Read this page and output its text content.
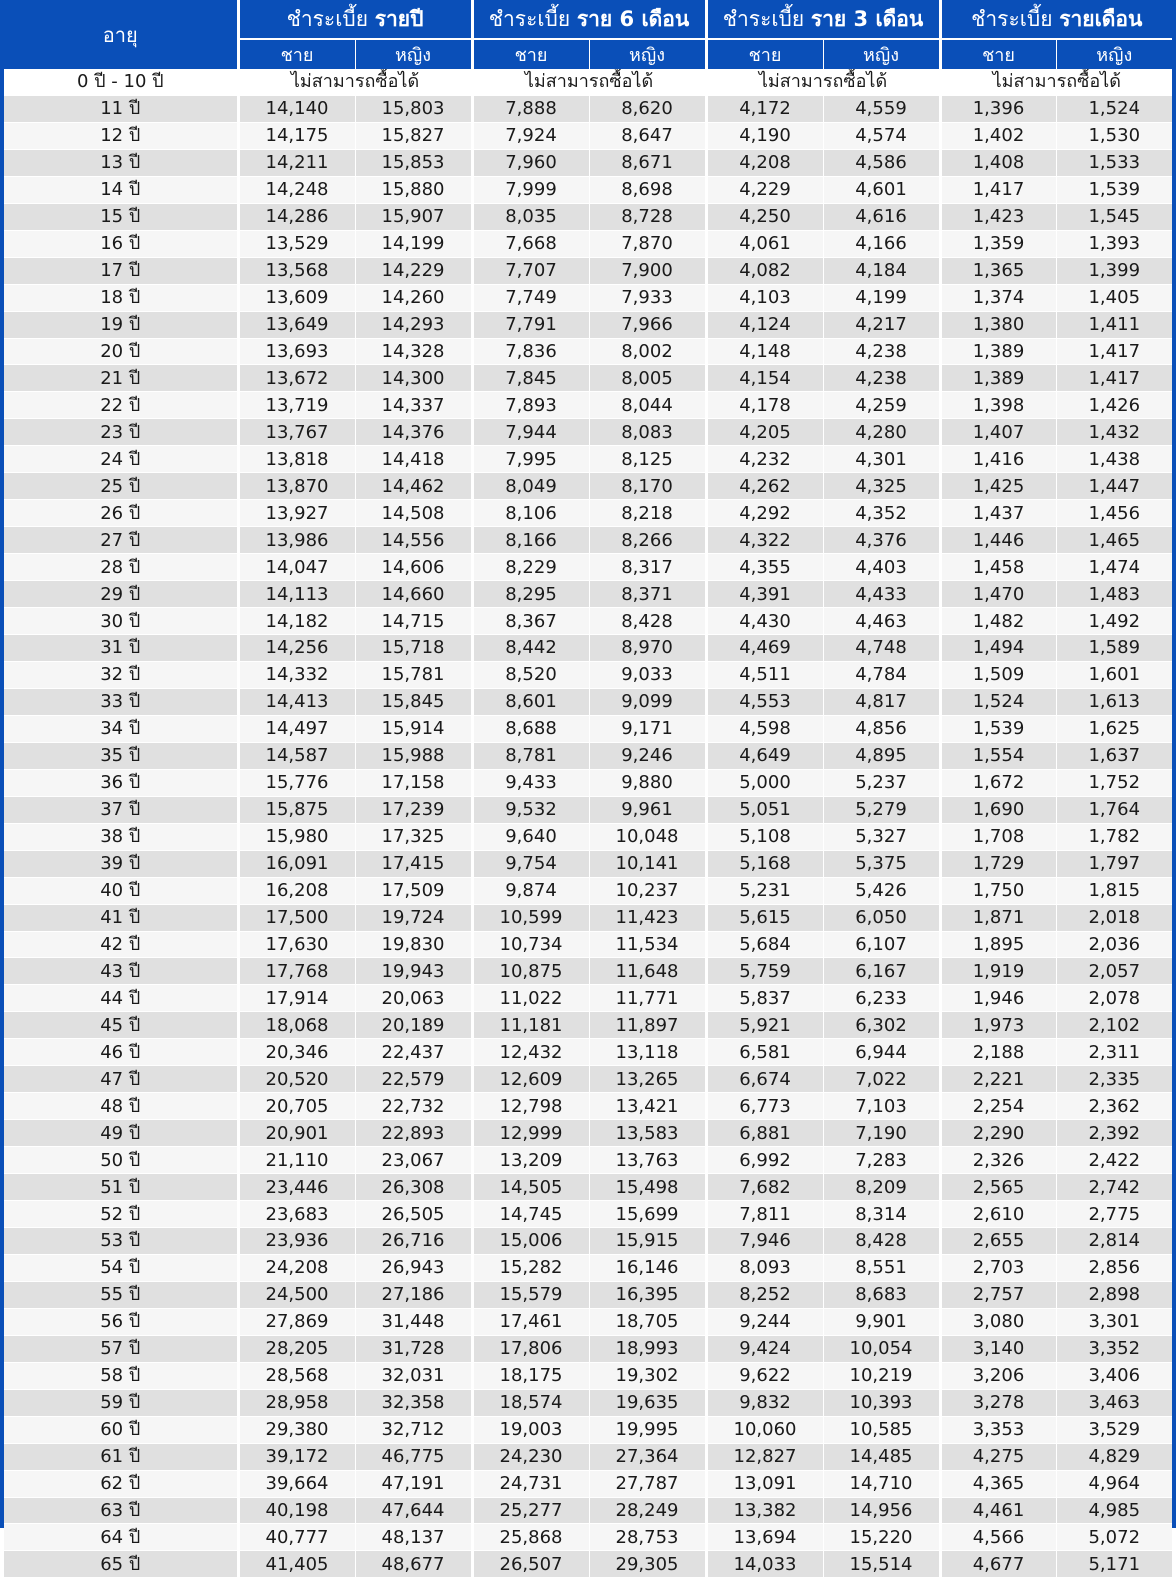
อายุ	ชำระเบี้ย รายปี		ชำระเบี้ย ราย 6 เดือน		ชำระเบี้ย ราย 3 เดือน		ชำระเบี้ย รายเดือน	
	ชาย	หญิง	ชาย	หญิง	ชาย	หญิง	ชาย	หญิง
0 ปี - 10 ปี	ไม่สามารถซื้อได้		ไม่สามารถซื้อได้		ไม่สามารถซื้อได้		ไม่สามารถซื้อได้	
11 ปี	14,140	15,803	7,888	8,620	4,172	4,559	1,396	1,524
12 ปี	14,175	15,827	7,924	8,647	4,190	4,574	1,402	1,530
13 ปี	14,211	15,853	7,960	8,671	4,208	4,586	1,408	1,533
14 ปี	14,248	15,880	7,999	8,698	4,229	4,601	1,417	1,539
15 ปี	14,286	15,907	8,035	8,728	4,250	4,616	1,423	1,545
16 ปี	13,529	14,199	7,668	7,870	4,061	4,166	1,359	1,393
17 ปี	13,568	14,229	7,707	7,900	4,082	4,184	1,365	1,399
18 ปี	13,609	14,260	7,749	7,933	4,103	4,199	1,374	1,405
19 ปี	13,649	14,293	7,791	7,966	4,124	4,217	1,380	1,411
20 ปี	13,693	14,328	7,836	8,002	4,148	4,238	1,389	1,417
21 ปี	13,672	14,300	7,845	8,005	4,154	4,238	1,389	1,417
22 ปี	13,719	14,337	7,893	8,044	4,178	4,259	1,398	1,426
23 ปี	13,767	14,376	7,944	8,083	4,205	4,280	1,407	1,432
24 ปี	13,818	14,418	7,995	8,125	4,232	4,301	1,416	1,438
25 ปี	13,870	14,462	8,049	8,170	4,262	4,325	1,425	1,447
26 ปี	13,927	14,508	8,106	8,218	4,292	4,352	1,437	1,456
27 ปี	13,986	14,556	8,166	8,266	4,322	4,376	1,446	1,465
28 ปี	14,047	14,606	8,229	8,317	4,355	4,403	1,458	1,474
29 ปี	14,113	14,660	8,295	8,371	4,391	4,433	1,470	1,483
30 ปี	14,182	14,715	8,367	8,428	4,430	4,463	1,482	1,492
31 ปี	14,256	15,718	8,442	8,970	4,469	4,748	1,494	1,589
32 ปี	14,332	15,781	8,520	9,033	4,511	4,784	1,509	1,601
33 ปี	14,413	15,845	8,601	9,099	4,553	4,817	1,524	1,613
34 ปี	14,497	15,914	8,688	9,171	4,598	4,856	1,539	1,625
35 ปี	14,587	15,988	8,781	9,246	4,649	4,895	1,554	1,637
36 ปี	15,776	17,158	9,433	9,880	5,000	5,237	1,672	1,752
37 ปี	15,875	17,239	9,532	9,961	5,051	5,279	1,690	1,764
38 ปี	15,980	17,325	9,640	10,048	5,108	5,327	1,708	1,782
39 ปี	16,091	17,415	9,754	10,141	5,168	5,375	1,729	1,797
40 ปี	16,208	17,509	9,874	10,237	5,231	5,426	1,750	1,815
41 ปี	17,500	19,724	10,599	11,423	5,615	6,050	1,871	2,018
42 ปี	17,630	19,830	10,734	11,534	5,684	6,107	1,895	2,036
43 ปี	17,768	19,943	10,875	11,648	5,759	6,167	1,919	2,057
44 ปี	17,914	20,063	11,022	11,771	5,837	6,233	1,946	2,078
45 ปี	18,068	20,189	11,181	11,897	5,921	6,302	1,973	2,102
46 ปี	20,346	22,437	12,432	13,118	6,581	6,944	2,188	2,311
47 ปี	20,520	22,579	12,609	13,265	6,674	7,022	2,221	2,335
48 ปี	20,705	22,732	12,798	13,421	6,773	7,103	2,254	2,362
49 ปี	20,901	22,893	12,999	13,583	6,881	7,190	2,290	2,392
50 ปี	21,110	23,067	13,209	13,763	6,992	7,283	2,326	2,422
51 ปี	23,446	26,308	14,505	15,498	7,682	8,209	2,565	2,742
52 ปี	23,683	26,505	14,745	15,699	7,811	8,314	2,610	2,775
53 ปี	23,936	26,716	15,006	15,915	7,946	8,428	2,655	2,814
54 ปี	24,208	26,943	15,282	16,146	8,093	8,551	2,703	2,856
55 ปี	24,500	27,186	15,579	16,395	8,252	8,683	2,757	2,898
56 ปี	27,869	31,448	17,461	18,705	9,244	9,901	3,080	3,301
57 ปี	28,205	31,728	17,806	18,993	9,424	10,054	3,140	3,352
58 ปี	28,568	32,031	18,175	19,302	9,622	10,219	3,206	3,406
59 ปี	28,958	32,358	18,574	19,635	9,832	10,393	3,278	3,463
60 ปี	29,380	32,712	19,003	19,995	10,060	10,585	3,353	3,529
61 ปี	39,172	46,775	24,230	27,364	12,827	14,485	4,275	4,829
62 ปี	39,664	47,191	24,731	27,787	13,091	14,710	4,365	4,964
63 ปี	40,198	47,644	25,277	28,249	13,382	14,956	4,461	4,985
64 ปี	40,777	48,137	25,868	28,753	13,694	15,220	4,566	5,072
65 ปี	41,405	48,677	26,507	29,305	14,033	15,514	4,677	5,171
